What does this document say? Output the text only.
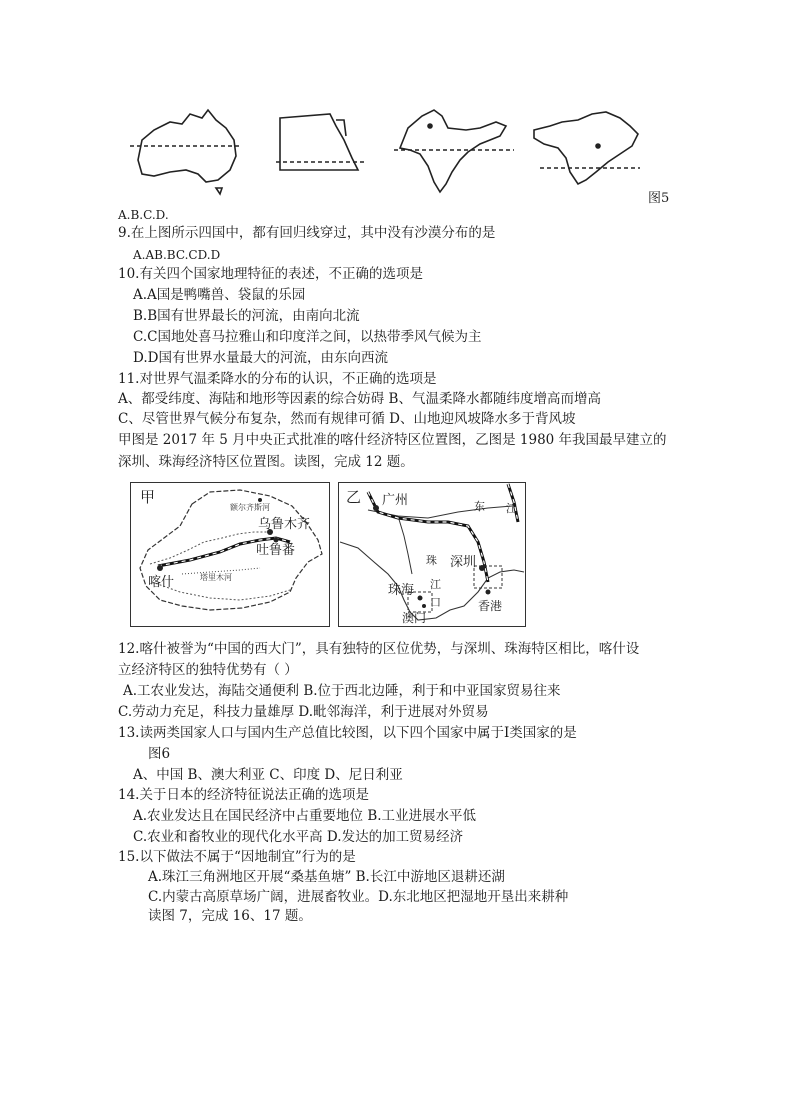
图5
A.B.C.D.
9.在上图所示四国中，都有回归线穿过，其中没有沙漠分布的是
A.AB.BC.CD.D
10.有关四个国家地理特征的表述，不正确的选项是
A.A国是鸭嘴兽、袋鼠的乐园
B.B国有世界最长的河流，由南向北流
C.C国地处喜马拉雅山和印度洋之间，以热带季风气候为主
D.D国有世界水量最大的河流，由东向西流
11.对世界气温柔降水的分布的认识，不正确的选项是
A、都受纬度、海陆和地形等因素的综合妨碍 B、气温柔降水都随纬度增高而增高
C、尽管世界气候分布复杂，然而有规律可循 D、山地迎风坡降水多于背风坡
甲图是 2017 年 5 月中央正式批准的喀什经济特区位置图，乙图是 1980 年我国最早建立的
深圳、珠海经济特区位置图。读图，完成 12 题。
甲
额尔齐斯河
乌鲁木齐
吐鲁番
喀什	塔里木河
乙 广州	东 江
珠
江
口
深圳
珠海
澳门
香港
12.喀什被誉为“中国的西大门”，具有独特的区位优势，与深圳、珠海特区相比，喀什设
立经济特区的独特优势有（ ）
A.工农业发达，海陆交通便利 B.位于西北边陲，利于和中亚国家贸易往来
C.劳动力充足，科技力量雄厚 D.毗邻海洋，利于进展对外贸易
13.读两类国家人口与国内生产总值比较图，以下四个国家中属于Ⅰ类国家的是
图6
A、中国 B、澳大利亚 C、印度 D、尼日利亚
14.关于日本的经济特征说法正确的选项是
A.农业发达且在国民经济中占重要地位 B.工业进展水平低
C.农业和畜牧业的现代化水平高 D.发达的加工贸易经济
15.以下做法不属于“因地制宜”行为的是
A.珠江三角洲地区开展“桑基鱼塘” B.长江中游地区退耕还湖
C.内蒙古高原草场广阔，进展畜牧业。D.东北地区把湿地开垦出来耕种
读图 7，完成 16、17 题。
